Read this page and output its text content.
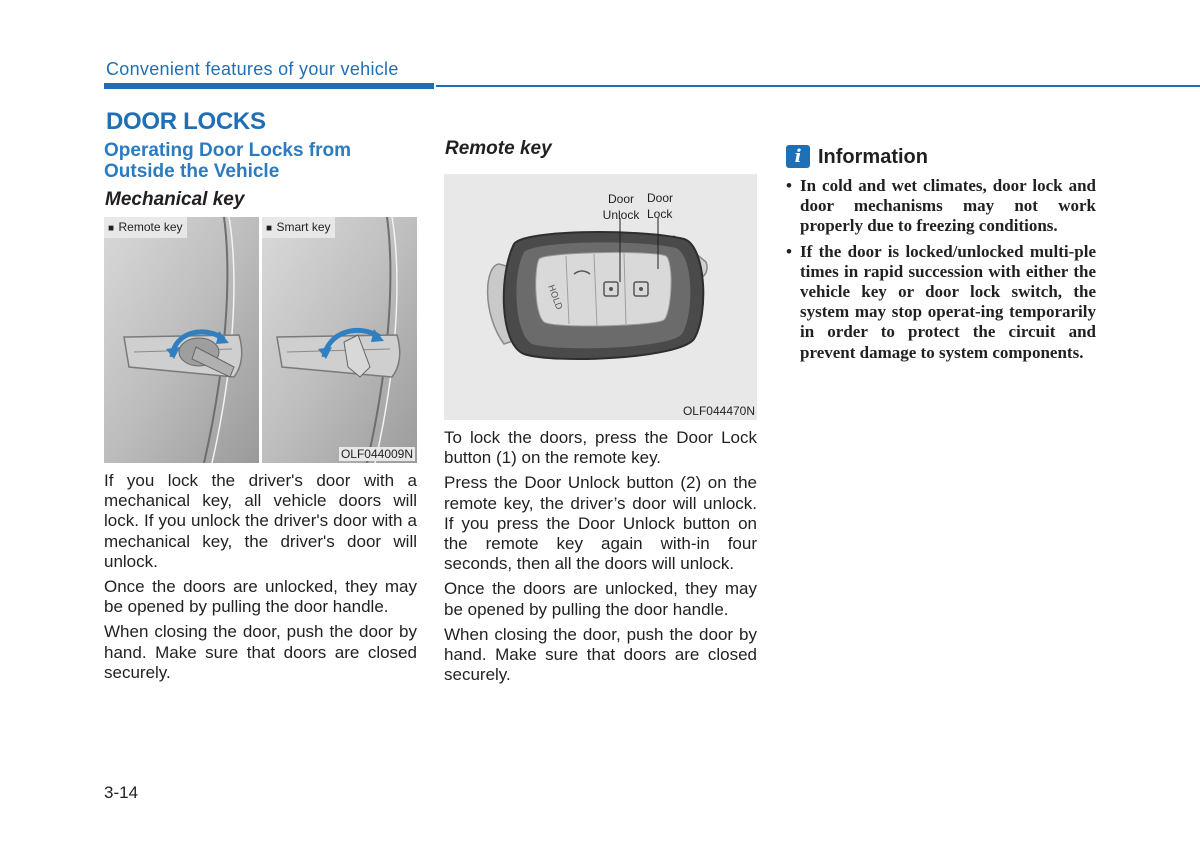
Convenient features of your vehicle
DOOR LOCKS
Operating Door Locks from Outside the Vehicle
Mechanical key
■ Remote key	■ Smart key
OLF044009N

If you lock the driver's door with a mechanical key, all vehicle doors will lock. If you unlock the driver's door with a mechanical key, the driver's door will unlock.

Once the doors are unlocked, they may be opened by pulling the door handle.

When closing the door, push the door by hand. Make sure that doors are closed securely.

Remote key
HOLD
Door
Unlock
Door
Lock
OLF044470N

To lock the doors, press the Door Lock button (1) on the remote key.

Press the Door Unlock button (2) on the remote key, the driver’s door will unlock. If you press the Door Unlock button on the remote key again with-in four seconds, then all the doors will unlock.

Once the doors are unlocked, they may be opened by pulling the door handle.

When closing the door, push the door by hand. Make sure that doors are closed securely.

i Information
• In cold and wet climates, door lock and door mechanisms may not work properly due to freezing conditions.
• If the door is locked/unlocked multi-ple times in rapid succession with either the vehicle key or door lock switch, the system may stop operat-ing temporarily in order to protect the circuit and prevent damage to system components.
3-14
